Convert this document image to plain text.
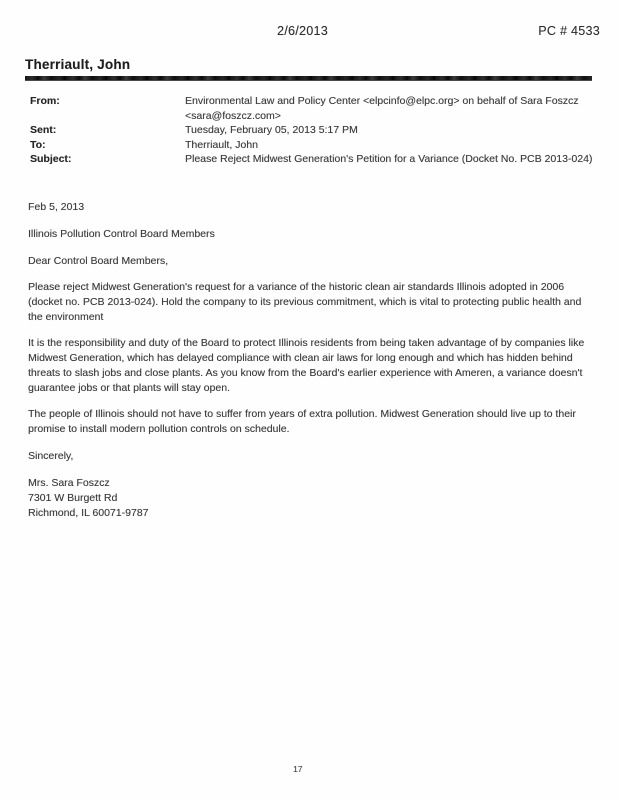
2/6/2013	PC # 4533
Therriault, John
From:	Environmental Law and Policy Center <elpcinfo@elpc.org> on behalf of Sara Foszcz
<sara@foszcz.com>
Sent:	Tuesday, February 05, 2013 5:17 PM
To:	Therriault, John
Subject:	Please Reject Midwest Generation's Petition for a Variance (Docket No. PCB 2013-024)
Feb 5, 2013
Illinois Pollution Control Board Members
Dear Control Board Members,

Please reject Midwest Generation's request for a variance of the historic clean air standards Illinois adopted in 2006 (docket no. PCB 2013-024). Hold the company to its previous commitment, which is vital to protecting public health and the environment

It is the responsibility and duty of the Board to protect Illinois residents from being taken advantage of by companies like Midwest Generation, which has delayed compliance with clean air laws for long enough and which has hidden behind threats to slash jobs and close plants. As you know from the Board's earlier experience with Ameren, a variance doesn't guarantee jobs or that plants will stay open.

The people of Illinois should not have to suffer from years of extra pollution. Midwest Generation should live up to their promise to install modern pollution controls on schedule.

Sincerely,
Mrs. Sara Foszcz
7301 W Burgett Rd
Richmond, IL 60071-9787
17
